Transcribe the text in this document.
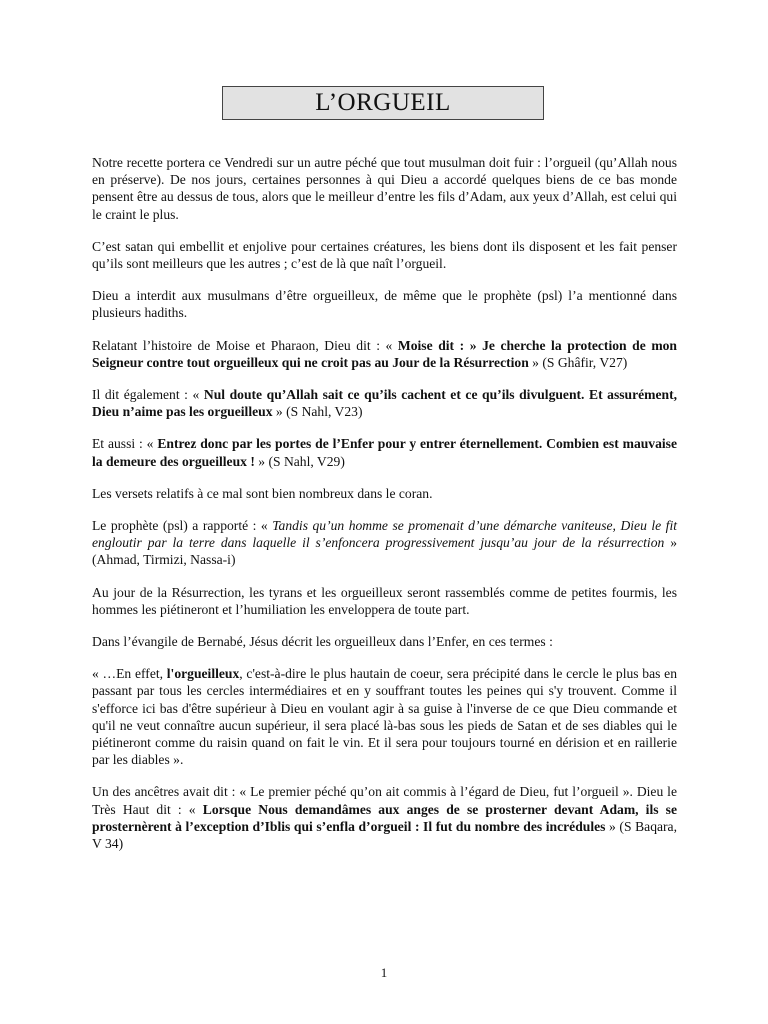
L’ORGUEIL

Notre recette portera ce Vendredi sur un autre péché que tout musulman doit fuir : l’orgueil (qu’Allah nous en préserve). De nos jours, certaines personnes à qui Dieu a accordé quelques biens de ce bas monde pensent être au dessus de tous, alors que le meilleur d’entre les fils d’Adam, aux yeux d’Allah, est celui qui le craint le plus.

C’est satan qui embellit et enjolive pour certaines créatures, les biens dont ils disposent et les fait penser qu’ils sont meilleurs que les autres ; c’est de là que naît l’orgueil.

Dieu a interdit aux musulmans d’être orgueilleux, de même que le prophète (psl) l’a mentionné dans plusieurs hadiths.

Relatant l’histoire de Moise et Pharaon, Dieu dit : « Moise dit : » Je cherche la protection de mon Seigneur contre tout orgueilleux qui ne croit pas au Jour de la Résurrection » (S Ghâfir, V27)

Il dit également : « Nul doute qu’Allah sait ce qu’ils cachent et ce qu’ils divulguent. Et assurément, Dieu n’aime pas les orgueilleux » (S Nahl, V23)

Et aussi : « Entrez donc par les portes de l’Enfer pour y entrer éternellement. Combien est mauvaise la demeure des orgueilleux ! » (S Nahl, V29)

Les versets relatifs à ce mal sont bien nombreux dans le coran.

Le prophète (psl) a rapporté : « Tandis qu’un homme se promenait d’une démarche vaniteuse, Dieu le fit engloutir par la terre dans laquelle il s’enfoncera progressivement jusqu’au jour de la résurrection » (Ahmad, Tirmizi, Nassa-i)

Au jour de la Résurrection, les tyrans et les orgueilleux seront rassemblés comme de petites fourmis, les hommes les piétineront et l’humiliation les enveloppera de toute part.

Dans l’évangile de Bernabé, Jésus décrit les orgueilleux dans l’Enfer, en ces termes :

« …En effet, l'orgueilleux, c'est-à-dire le plus hautain de coeur, sera précipité dans le cercle le plus bas en passant par tous les cercles intermédiaires et en y souffrant toutes les peines qui s'y trouvent. Comme il s'efforce ici bas d'être supérieur à Dieu en voulant agir à sa guise à l'inverse de ce que Dieu commande et qu'il ne veut connaître aucun supérieur, il sera placé là-bas sous les pieds de Satan et de ses diables qui le piétineront comme du raisin quand on fait le vin. Et il sera pour toujours tourné en dérision et en raillerie par les diables ».

Un des ancêtres avait dit : « Le premier péché qu’on ait commis à l’égard de Dieu, fut l’orgueil ». Dieu le Très Haut dit : « Lorsque Nous demandâmes aux anges de se prosterner devant Adam, ils se prosternèrent à l’exception d’Iblis qui s’enfla d’orgueil : Il fut du nombre des incrédules » (S Baqara, V 34)

1
